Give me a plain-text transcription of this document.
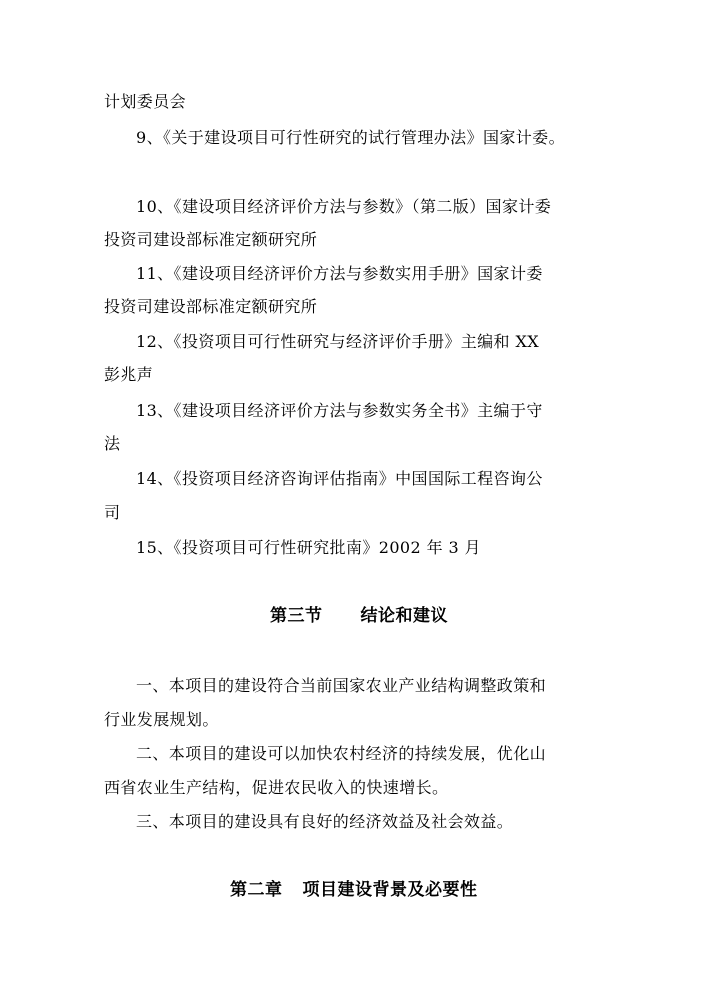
计划委员会
9、《关于建设项目可行性研究的试行管理办法》国家计委。
10、《建设项目经济评价方法与参数》（第二版）国家计委
投资司建设部标准定额研究所
11、《建设项目经济评价方法与参数实用手册》国家计委
投资司建设部标准定额研究所
12、《投资项目可行性研究与经济评价手册》主编和 XX
彭兆声
13、《建设项目经济评价方法与参数实务全书》主编于守
法
14、《投资项目经济咨询评估指南》中国国际工程咨询公
司
15、《投资项目可行性研究批南》2002 年 3 月
第三节 结论和建议
一、本项目的建设符合当前国家农业产业结构调整政策和
行业发展规划。
二、本项目的建设可以加快农村经济的持续发展，优化山
西省农业生产结构，促进农民收入的快速增长。
三、本项目的建设具有良好的经济效益及社会效益。
第二章 项目建设背景及必要性
